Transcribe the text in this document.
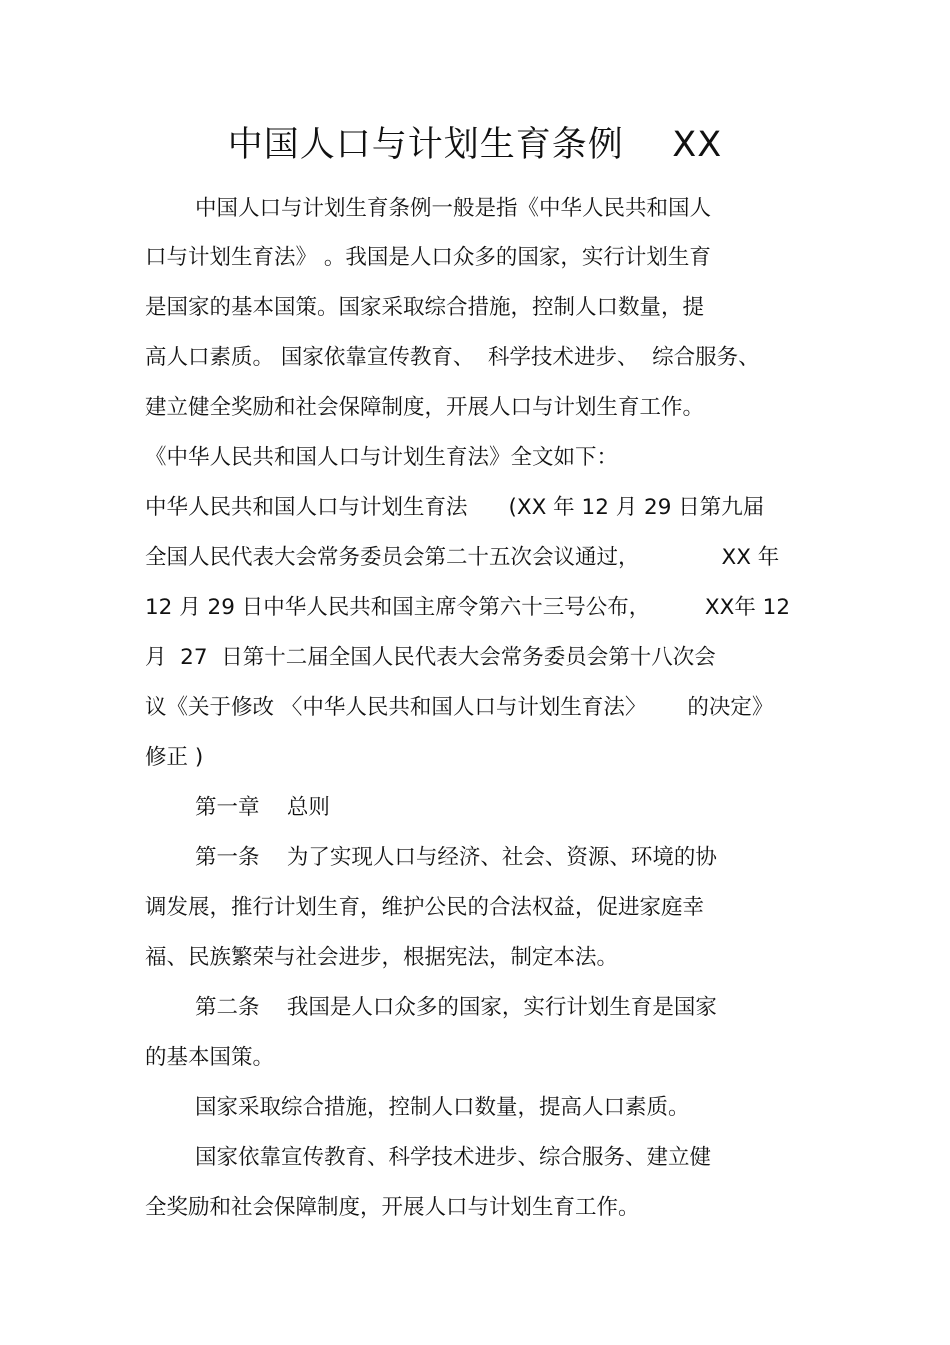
中国人口与计划生育条例    XX
中国人口与计划生育条例一般是指《中华人民共和国人
口与计划生育法》 。我国是人口众多的国家，实行计划生育
是国家的基本国策。国家采取综合措施，控制人口数量，提
高人口素质。 国家依靠宣传教育、  科学技术进步、  综合服务、
建立健全奖励和社会保障制度，开展人口与计划生育工作。
《中华人民共和国人口与计划生育法》全文如下：
中华人民共和国人口与计划生育法      (XX 年 12 月 29 日第九届
全国人民代表大会常务委员会第二十五次会议通过，            XX 年
12 月 29 日中华人民共和国主席令第六十三号公布，        XX年 12
月  27  日第十二届全国人民代表大会常务委员会第十八次会
议《关于修改 〈中华人民共和国人口与计划生育法〉      的决定》
修正 )
第一章    总则
第一条    为了实现人口与经济、社会、资源、环境的协
调发展，推行计划生育，维护公民的合法权益，促进家庭幸
福、民族繁荣与社会进步，根据宪法，制定本法。
第二条    我国是人口众多的国家，实行计划生育是国家
的基本国策。
国家采取综合措施，控制人口数量，提高人口素质。
国家依靠宣传教育、科学技术进步、综合服务、建立健
全奖励和社会保障制度，开展人口与计划生育工作。
